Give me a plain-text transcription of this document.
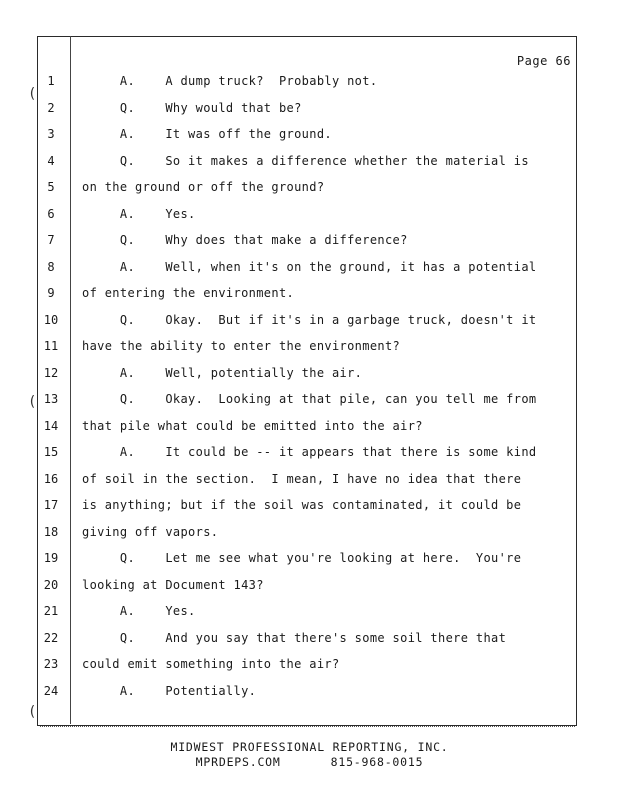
(
(
(
Page 66
1	A.    A dump truck?  Probably not.
2	Q.    Why would that be?
3	A.    It was off the ground.
4	Q.    So it makes a difference whether the material is
5	on the ground or off the ground?
6	A.    Yes.
7	Q.    Why does that make a difference?
8	A.    Well, when it's on the ground, it has a potential
9	of entering the environment.
10	Q.    Okay.  But if it's in a garbage truck, doesn't it
11	have the ability to enter the environment?
12	A.    Well, potentially the air.
13	Q.    Okay.  Looking at that pile, can you tell me from
14	that pile what could be emitted into the air?
15	A.    It could be -- it appears that there is some kind
16	of soil in the section.  I mean, I have no idea that there
17	is anything; but if the soil was contaminated, it could be
18	giving off vapors.
19	Q.    Let me see what you're looking at here.  You're
20	looking at Document 143?
21	A.    Yes.
22	Q.    And you say that there's some soil there that
23	could emit something into the air?
24	A.    Potentially.
MIDWEST PROFESSIONAL REPORTING, INC.
MPRDEPS.COM	815-968-0015
